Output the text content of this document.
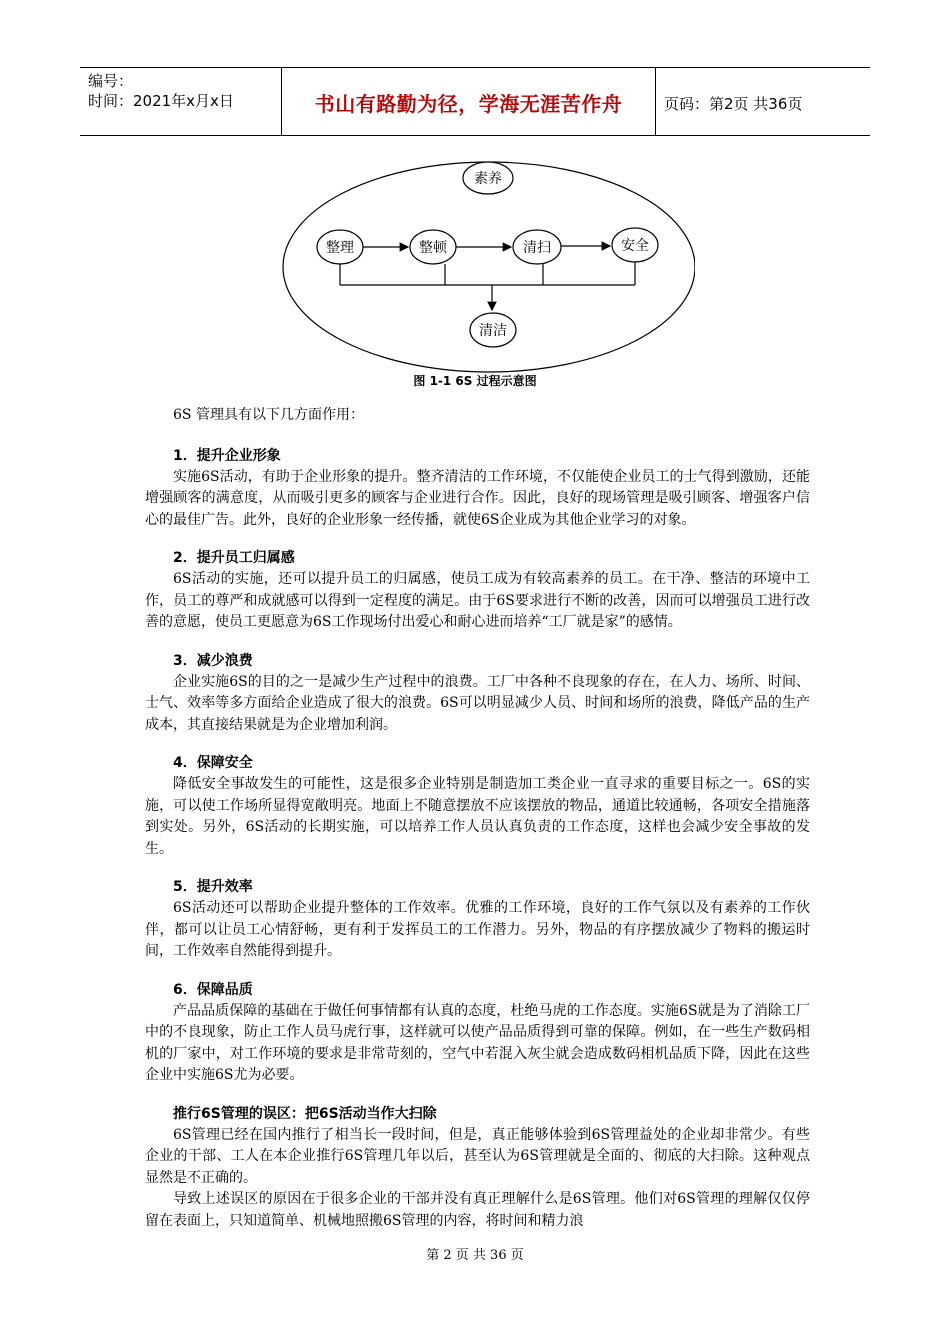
编号：
时间：2021年x月x日	书山有路勤为径，学海无涯苦作舟	页码：第2页 共36页
素养
整理	整顿	清扫	安全
清洁
图 1-1 6S 过程示意图

6S 管理具有以下几方面作用：

1．提升企业形象

实施6S活动，有助于企业形象的提升。整齐清洁的工作环境，不仅能使企业员工的士气得到激励，还能增强顾客的满意度，从而吸引更多的顾客与企业进行合作。因此，良好的现场管理是吸引顾客、增强客户信心的最佳广告。此外，良好的企业形象一经传播，就使6S企业成为其他企业学习的对象。

2．提升员工归属感

6S活动的实施，还可以提升员工的归属感，使员工成为有较高素养的员工。在干净、整洁的环境中工作，员工的尊严和成就感可以得到一定程度的满足。由于6S要求进行不断的改善，因而可以增强员工进行改善的意愿，使员工更愿意为6S工作现场付出爱心和耐心进而培养“工厂就是家”的感情。

3．减少浪费

企业实施6S的目的之一是减少生产过程中的浪费。工厂中各种不良现象的存在，在人力、场所、时间、士气、效率等多方面给企业造成了很大的浪费。6S可以明显减少人员、时间和场所的浪费，降低产品的生产成本，其直接结果就是为企业增加利润。

4．保障安全

降低安全事故发生的可能性，这是很多企业特别是制造加工类企业一直寻求的重要目标之一。6S的实施，可以使工作场所显得宽敞明亮。地面上不随意摆放不应该摆放的物品，通道比较通畅，各项安全措施落到实处。另外，6S活动的长期实施，可以培养工作人员认真负责的工作态度，这样也会减少安全事故的发生。

5．提升效率

6S活动还可以帮助企业提升整体的工作效率。优雅的工作环境，良好的工作气氛以及有素养的工作伙伴，都可以让员工心情舒畅，更有利于发挥员工的工作潜力。另外，物品的有序摆放减少了物料的搬运时间，工作效率自然能得到提升。

6．保障品质

产品品质保障的基础在于做任何事情都有认真的态度，杜绝马虎的工作态度。实施6S就是为了消除工厂中的不良现象，防止工作人员马虎行事，这样就可以使产品品质得到可靠的保障。例如，在一些生产数码相机的厂家中，对工作环境的要求是非常苛刻的，空气中若混入灰尘就会造成数码相机品质下降，因此在这些企业中实施6S尤为必要。

推行6S管理的误区：把6S活动当作大扫除

6S管理已经在国内推行了相当长一段时间，但是，真正能够体验到6S管理益处的企业却非常少。有些企业的干部、工人在本企业推行6S管理几年以后，甚至认为6S管理就是全面的、彻底的大扫除。这种观点显然是不正确的。

导致上述误区的原因在于很多企业的干部并没有真正理解什么是6S管理。他们对6S管理的理解仅仅停留在表面上，只知道简单、机械地照搬6S管理的内容，将时间和精力浪

第 2 页 共 36 页
